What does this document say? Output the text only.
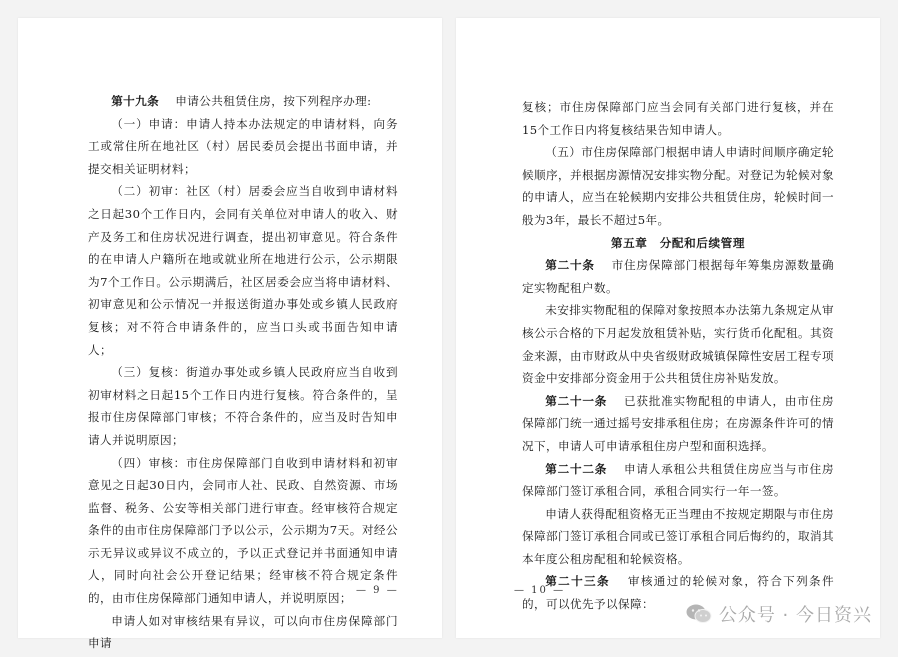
第十九条　 申请公共租赁住房，按下列程序办理:

（一）申请：申请人持本办法规定的申请材料，向务工或常住所在地社区（村）居民委员会提出书面申请，并提交相关证明材料；

（二）初审：社区（村）居委会应当自收到申请材料之日起30个工作日内，会同有关单位对申请人的收入、财产及务工和住房状况进行调查，提出初审意见。符合条件的在申请人户籍所在地或就业所在地进行公示，公示期限为7个工作日。公示期满后，社区居委会应当将申请材料、初审意见和公示情况一并报送街道办事处或乡镇人民政府复核；对不符合申请条件的，应当口头或书面告知申请人；

（三）复核：街道办事处或乡镇人民政府应当自收到初审材料之日起15个工作日内进行复核。符合条件的，呈报市住房保障部门审核；不符合条件的，应当及时告知申请人并说明原因；

（四）审核：市住房保障部门自收到申请材料和初审意见之日起30日内，会同市人社、民政、自然资源、市场监督、税务、公安等相关部门进行审查。经审核符合规定条件的由市住房保障部门予以公示，公示期为7天。对经公示无异议或异议不成立的，予以正式登记并书面通知申请人，同时向社会公开登记结果；经审核不符合规定条件的，由市住房保障部门通知申请人，并说明原因；

申请人如对审核结果有异议，可以向市住房保障部门申请

— 9 —

复核；市住房保障部门应当会同有关部门进行复核，并在15个工作日内将复核结果告知申请人。

（五）市住房保障部门根据申请人申请时间顺序确定轮候顺序，并根据房源情况安排实物分配。对登记为轮候对象的申请人，应当在轮候期内安排公共租赁住房，轮候时间一般为3年，最长不超过5年。

第五章　分配和后续管理

第二十条　 市住房保障部门根据每年筹集房源数量确定实物配租户数。

未安排实物配租的保障对象按照本办法第九条规定从审核公示合格的下月起发放租赁补贴，实行货币化配租。其资金来源，由市财政从中央省级财政城镇保障性安居工程专项资金中安排部分资金用于公共租赁住房补贴发放。

第二十一条　 已获批准实物配租的申请人，由市住房保障部门统一通过摇号安排承租住房；在房源条件许可的情况下，申请人可申请承租住房户型和面积选择。

第二十二条　 申请人承租公共租赁住房应当与市住房保障部门签订承租合同，承租合同实行一年一签。

申请人获得配租资格无正当理由不按规定期限与市住房保障部门签订承租合同或已签订承租合同后悔约的，取消其本年度公租房配租和轮候资格。

第二十三条　 审核通过的轮候对象，符合下列条件的，可以优先予以保障：

— 10 —
公众号 · 今日资兴
